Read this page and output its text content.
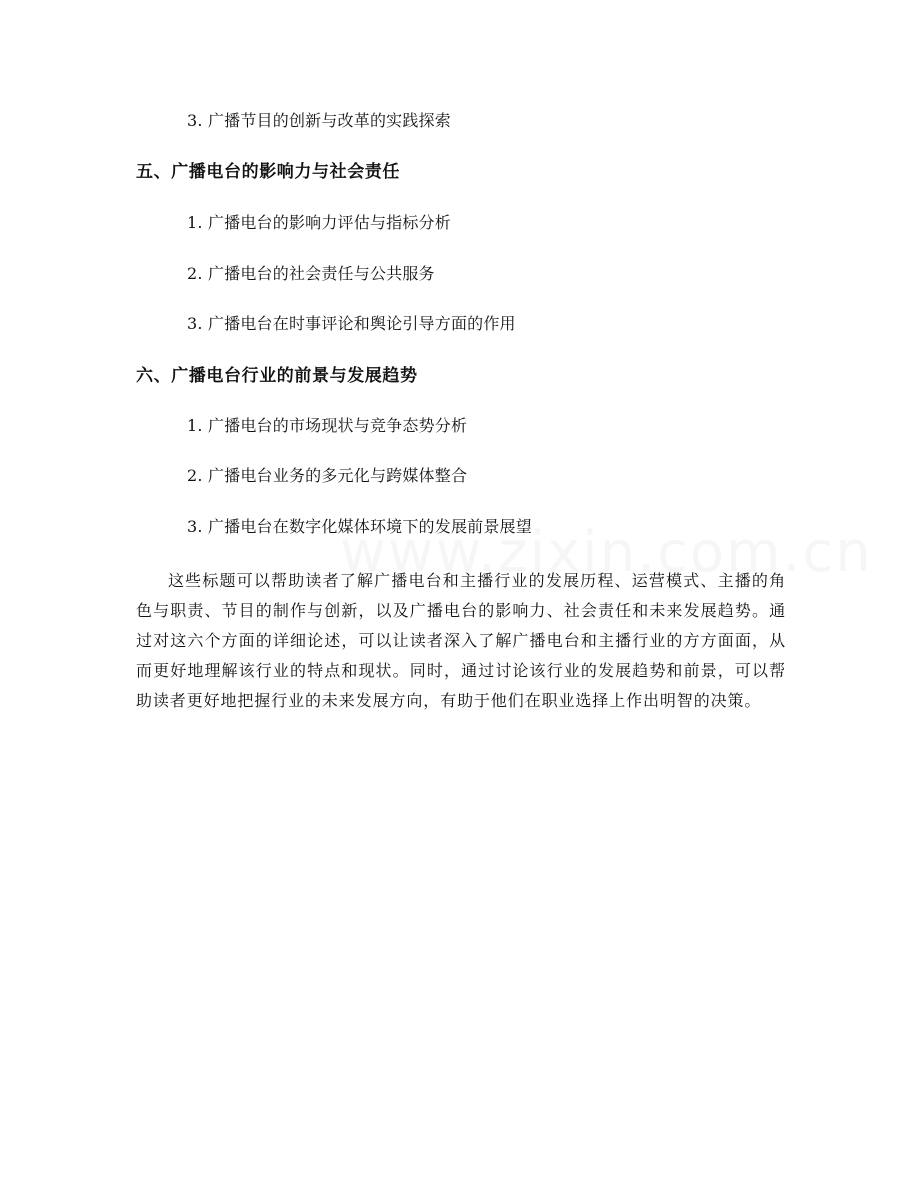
3. 广播节目的创新与改革的实践探索
五、广播电台的影响力与社会责任
1. 广播电台的影响力评估与指标分析
2. 广播电台的社会责任与公共服务
3. 广播电台在时事评论和舆论引导方面的作用
六、广播电台行业的前景与发展趋势
1. 广播电台的市场现状与竞争态势分析
2. 广播电台业务的多元化与跨媒体整合
3. 广播电台在数字化媒体环境下的发展前景展望
这些标题可以帮助读者了解广播电台和主播行业的发展历程、运营模式、主播的角色与职责、节目的制作与创新，以及广播电台的影响力、社会责任和未来发展趋势。通过对这六个方面的详细论述，可以让读者深入了解广播电台和主播行业的方方面面，从而更好地理解该行业的特点和现状。同时，通过讨论该行业的发展趋势和前景，可以帮助读者更好地把握行业的未来发展方向，有助于他们在职业选择上作出明智的决策。
